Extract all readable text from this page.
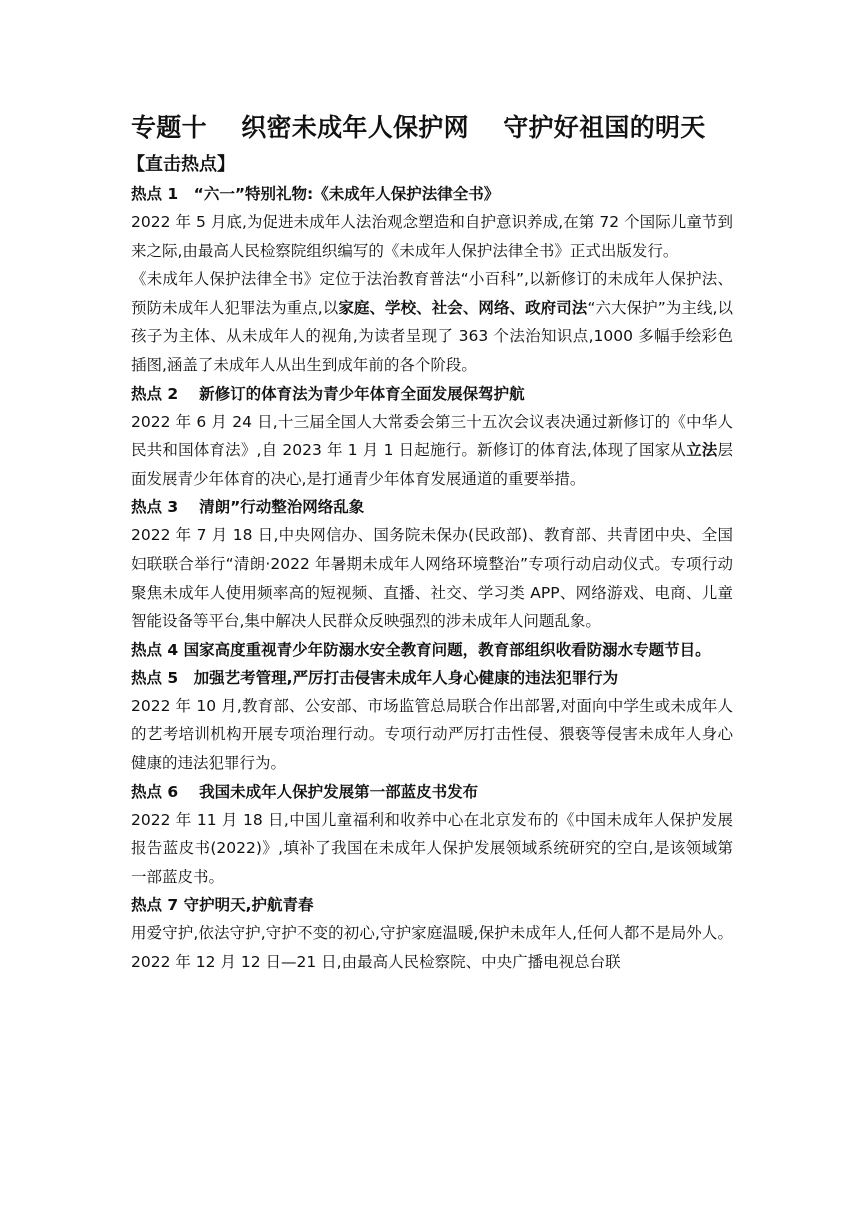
专题十　 织密未成年人保护网　 守护好祖国的明天
【直击热点】
热点 1　“六一”特别礼物:《未成年人保护法律全书》

2022 年 5 月底,为促进未成年人法治观念塑造和自护意识养成,在第 72 个国际儿童节到来之际,由最高人民检察院组织编写的《未成年人保护法律全书》正式出版发行。

《未成年人保护法律全书》定位于法治教育普法“小百科”,以新修订的未成年人保护法、预防未成年人犯罪法为重点,以家庭、学校、社会、网络、政府司法“六大保护”为主线,以孩子为主体、从未成年人的视角,为读者呈现了 363 个法治知识点,1000 多幅手绘彩色插图,涵盖了未成年人从出生到成年前的各个阶段。

热点 2　 新修订的体育法为青少年体育全面发展保驾护航

2022 年 6 月 24 日,十三届全国人大常委会第三十五次会议表决通过新修订的《中华人民共和国体育法》,自 2023 年 1 月 1 日起施行。新修订的体育法,体现了国家从立法层面发展青少年体育的决心,是打通青少年体育发展通道的重要举措。

热点 3　 清朗”行动整治网络乱象

2022 年 7 月 18 日,中央网信办、国务院未保办(民政部)、教育部、共青团中央、全国妇联联合举行“清朗·2022 年暑期未成年人网络环境整治”专项行动启动仪式。专项行动聚焦未成年人使用频率高的短视频、直播、社交、学习类 APP、网络游戏、电商、儿童智能设备等平台,集中解决人民群众反映强烈的涉未成年人问题乱象。

热点 4 国家高度重视青少年防溺水安全教育问题，教育部组织收看防溺水专题节目。
热点 5　加强艺考管理,严厉打击侵害未成年人身心健康的违法犯罪行为

2022 年 10 月,教育部、公安部、市场监管总局联合作出部署,对面向中学生或未成年人的艺考培训机构开展专项治理行动。专项行动严厉打击性侵、猥亵等侵害未成年人身心健康的违法犯罪行为。

热点 6　 我国未成年人保护发展第一部蓝皮书发布

2022 年 11 月 18 日,中国儿童福利和收养中心在北京发布的《中国未成年人保护发展报告蓝皮书(2022)》,填补了我国在未成年人保护发展领域系统研究的空白,是该领域第一部蓝皮书。

热点 7 守护明天,护航青春

用爱守护,依法守护,守护不变的初心,守护家庭温暖,保护未成年人,任何人都不是局外人。2022 年 12 月 12 日—21 日,由最高人民检察院、中央广播电视总台联
